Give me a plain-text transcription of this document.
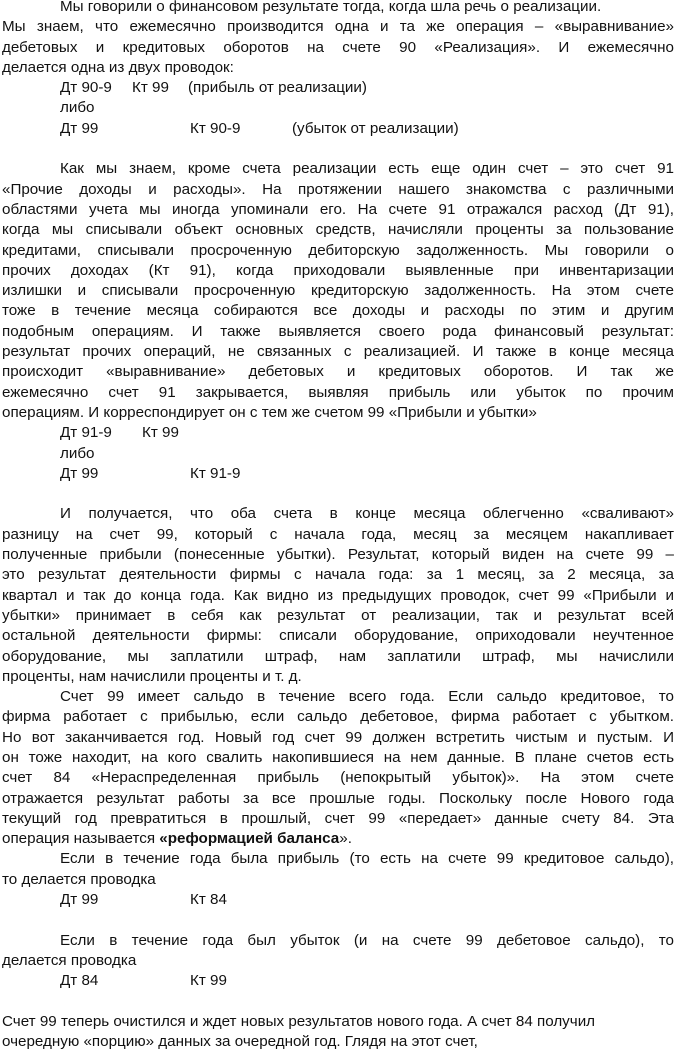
Мы говорили о финансовом результате тогда, когда шла речь о реализации.
Мы знаем, что ежемесячно производится одна и та же операция – «выравнивание»
дебетовых и кредитовых оборотов на счете 90 «Реализация». И ежемесячно
делается одна из двух проводок:
Дт 90-9 Кт 99 (прибыль от реализации)
либо
Дт 99	Кт 90-9	(убыток от реализации)
Как мы знаем, кроме счета реализации есть еще один счет – это счет 91
«Прочие доходы и расходы». На протяжении нашего знакомства с различными
областями учета мы иногда упоминали его. На счете 91 отражался расход (Дт 91),
когда мы списывали объект основных средств, начисляли проценты за пользование
кредитами, списывали просроченную дебиторскую задолженность. Мы говорили о
прочих доходах (Кт 91), когда приходовали выявленные при инвентаризации
излишки и списывали просроченную кредиторскую задолженность. На этом счете
тоже в течение месяца собираются все доходы и расходы по этим и другим
подобным операциям. И также выявляется своего рода финансовый результат:
результат прочих операций, не связанных с реализацией. И также в конце месяца
происходит «выравнивание» дебетовых и кредитовых оборотов. И так же
ежемесячно счет 91 закрывается, выявляя прибыль или убыток по прочим
операциям. И корреспондирует он с тем же счетом 99 «Прибыли и убытки»
Дт 91-9 Кт 99
либо
Дт 99	Кт 91-9
И получается, что оба счета в конце месяца облегченно «сваливают»
разницу на счет 99, который с начала года, месяц за месяцем накапливает
полученные прибыли (понесенные убытки). Результат, который виден на счете 99 –
это результат деятельности фирмы с начала года: за 1 месяц, за 2 месяца, за
квартал и так до конца года. Как видно из предыдущих проводок, счет 99 «Прибыли и
убытки» принимает в себя как результат от реализации, так и результат всей
остальной деятельности фирмы: списали оборудование, оприходовали неучтенное
оборудование, мы заплатили штраф, нам заплатили штраф, мы начислили
проценты, нам начислили проценты и т. д.
Счет 99 имеет сальдо в течение всего года. Если сальдо кредитовое, то
фирма работает с прибылью, если сальдо дебетовое, фирма работает с убытком.
Но вот заканчивается год. Новый год счет 99 должен встретить чистым и пустым. И
он тоже находит, на кого свалить накопившиеся на нем данные. В плане счетов есть
счет 84 «Нераспределенная прибыль (непокрытый убыток)». На этом счете
отражается результат работы за все прошлые годы. Поскольку после Нового года
текущий год превратиться в прошлый, счет 99 «передает» данные счету 84. Эта
операция называется «реформацией баланса».
Если в течение года была прибыль (то есть на счете 99 кредитовое сальдо),
то делается проводка
Дт 99	Кт 84
Если в течение года был убыток (и на счете 99 дебетовое сальдо), то
делается проводка
Дт 84	Кт 99
Счет 99 теперь очистился и ждет новых результатов нового года. А счет 84 получил
очередную «порцию» данных за очередной год. Глядя на этот счет,
